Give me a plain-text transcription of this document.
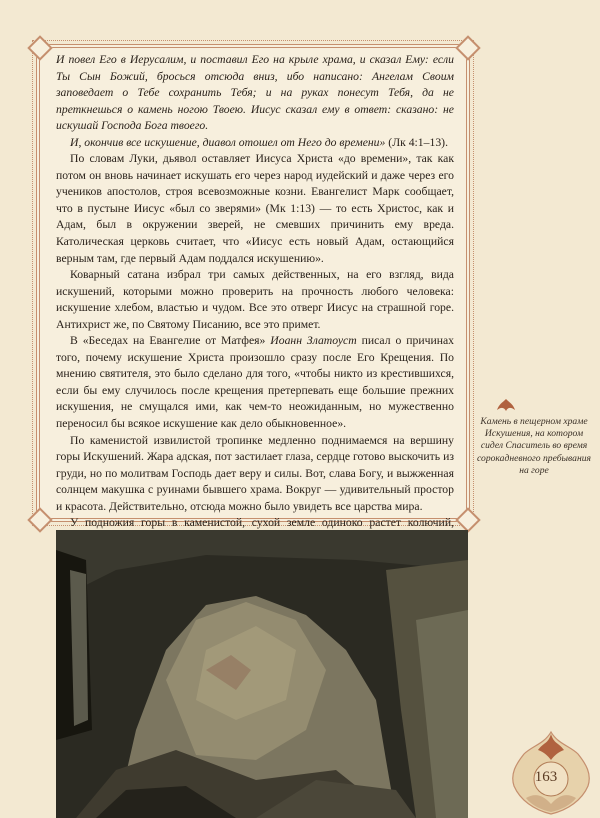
И повел Его в Иерусалим, и поставил Его на крыле храма, и сказал Ему: если Ты Сын Божий, бросься отсюда вниз, ибо написано: Ангелам Своим заповедает о Тебе сохранить Тебя; и на руках понесут Тебя, да не преткнешься о камень ногою Твоею. Иисус сказал ему в ответ: сказано: не искушай Господа Бога твоего.

И, окончив все искушение, диавол отошел от Него до времени» (Лк 4:1–13).

По словам Луки, дьявол оставляет Иисуса Христа «до времени», так как потом он вновь начинает искушать его через народ иудейский и даже через его учеников апостолов, строя всевозможные козни. Евангелист Марк сообщает, что в пустыне Иисус «был со зверями» (Мк 1:13) — то есть Христос, как и Адам, был в окружении зверей, не смевших причинить ему вреда. Католическая церковь считает, что «Иисус есть новый Адам, остающийся верным там, где первый Адам поддался искушению».

Коварный сатана избрал три самых действенных, на его взгляд, вида искушений, которыми можно проверить на прочность любого человека: искушение хлебом, властью и чудом. Все это отверг Иисус на страшной горе. Антихрист же, по Святому Писанию, все это примет.

В «Беседах на Евангелие от Матфея» Иоанн Златоуст писал о причинах того, почему искушение Христа произошло сразу после Его Крещения. По мнению святителя, это было сделано для того, «чтобы никто из крестившихся, если бы ему случилось после крещения претерпевать еще большие прежних искушения, не смущался ими, как чем-то неожиданным, но мужественно переносил бы всякое искушение как дело обыкновенное».

По каменистой извилистой тропинке медленно поднимаемся на вершину горы Искушений. Жара адская, пот застилает глаза, сердце готово выскочить из груди, но по молитвам Господь дает веру и силы. Вот, слава Богу, и выжженная солнцем макушка с руинами бывшего храма. Вокруг — удивительный простор и красота. Действительно, отсюда можно было увидеть все царства мира.

У подножия горы в каменистой, сухой земле одиноко растет колючий,

Камень в пещерном храме Искушения, на котором сидел Спаситель во время сорокадневного пребывания на горе
163
